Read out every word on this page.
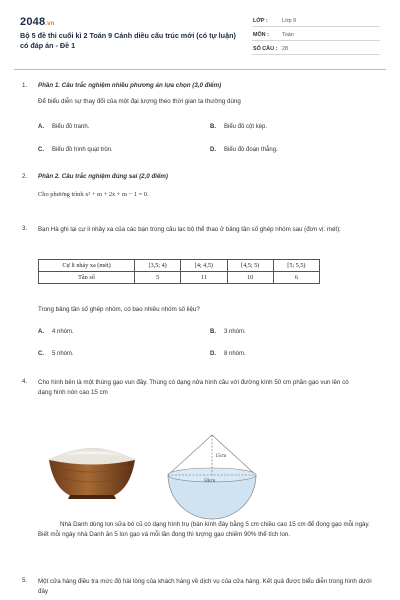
2048.vn
Bộ 5 đề thi cuối kì 2 Toán 9 Cánh diều cấu trúc mới (có tự luận) có đáp án - Đề 1
LỚP :	Lớp 9
MÔN : Toán
SỐ CÂU : 28
1. Phần 1. Câu trắc nghiệm nhiều phương án lựa chọn (3,0 điểm)
Để biểu diễn sự thay đổi của một đại lượng theo thời gian ta thường dùng
A. Biểu đồ tranh.	B. Biểu đồ cột kép.
C. Biểu đồ hình quạt tròn.	D. Biểu đồ đoạn thẳng.
2. Phần 2. Câu trắc nghiệm đúng sai (2,0 điểm)
Cho phương trình x² + m + 2x + m − 1 = 0.
3. Bạn Hà ghi lại cự li nhảy xa của các bạn trong câu lạc bộ thể thao ở bảng tần số ghép nhóm sau (đơn vị: mét):
Cự li nhảy xa (mét)	[3,5; 4)	[4; 4,5)	[4,5; 5)	[5; 5,5)
Tần số	5	11	10	6
Trong bảng tần số ghép nhóm, có bao nhiêu nhóm số liệu?
A. 4 nhóm.	B. 3 nhóm.
C. 5 nhóm.	D. 8 nhóm.
4. Cho hình bên là một thùng gạo vun đầy. Thùng có dạng nửa hình cầu với đường kính 50 cm phần gạo vun lên có dạng hình nón cao 15 cm
15cm
50cm
Nhà Danh dùng lon sữa bò cũ có dạng hình trụ (bán kính đáy bằng 5 cm chiều cao 15 cm để đong gạo mỗi ngày. Biết mỗi ngày nhà Danh ăn 5 lon gạo và mỗi lần đong thì lượng gạo chiếm 90% thể tích lon.
5. Một cửa hàng điều tra mức độ hài lòng của khách hàng về dịch vụ của cửa hàng. Kết quả được biểu diễn trong hình dưới đây
